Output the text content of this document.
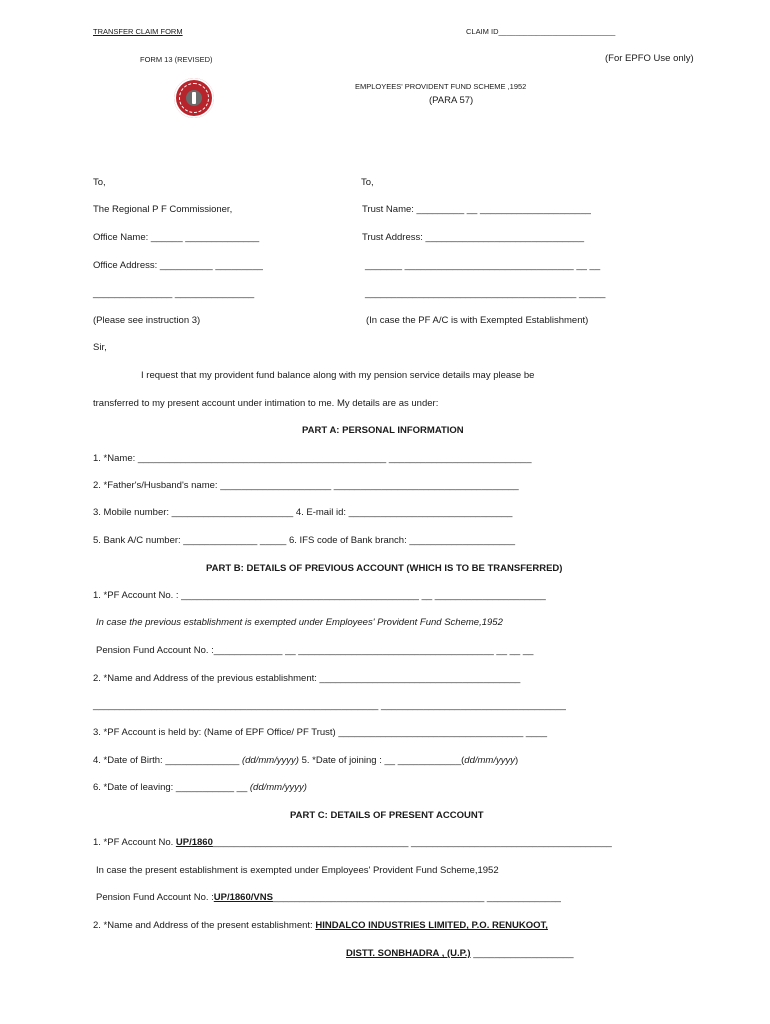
TRANSFER CLAIM FORM	CLAIM ID____________________________
FORM 13 (REVISED)	(For EPFO Use only)
EMPLOYEES' PROVIDENT FUND SCHEME ,1952
(PARA 57)
To,	To,
The Regional P F Commissioner,	Trust Name: _________ __ _____________________
Office Name: ______ ______________	Trust Address: ______________________________
Office Address: __________ _________	_______ ________________________________ __ __
_______________ _______________	________________________________________ _____
(Please see instruction 3)	(In case the PF A/C is with Exempted Establishment)
Sir,
I request that my provident fund balance along with my pension service details may please be
transferred to my present account under intimation to me. My details are as under:
PART A: PERSONAL INFORMATION
1. *Name: _______________________________________________ ___________________________
2. *Father's/Husband's name: _____________________ ___________________________________
3. Mobile number: _______________________ 4. E-mail id: _______________________________
5. Bank A/C number: ______________ _____ 6. IFS code of Bank branch: ____________________
PART B: DETAILS OF PREVIOUS ACCOUNT (WHICH IS TO BE TRANSFERRED)
1. *PF Account No. : _____________________________________________ __ _____________________
In case the previous establishment is exempted under Employees' Provident Fund Scheme,1952
Pension Fund Account No. :_____________ __ _____________________________________ __ __ __
2. *Name and Address of the previous establishment: ______________________________________
______________________________________________________ ___________________________________
3. *PF Account is held by: (Name of EPF Office/ PF Trust) ___________________________________ ____
4. *Date of Birth: ______________ (dd/mm/yyyy) 5. *Date of joining : __ ____________(dd/mm/yyyy)
6. *Date of leaving: ___________ __ (dd/mm/yyyy)
PART C: DETAILS OF PRESENT ACCOUNT
1. *PF Account No. UP/1860_____________________________________ ______________________________________
In case the present establishment is exempted under Employees' Provident Fund Scheme,1952
Pension Fund Account No. :UP/1860/VNS________________________________________ ______________
2. *Name and Address of the present establishment: HINDALCO INDUSTRIES LIMITED, P.O. RENUKOOT,
DISTT. SONBHADRA , (U.P.) ___________________
